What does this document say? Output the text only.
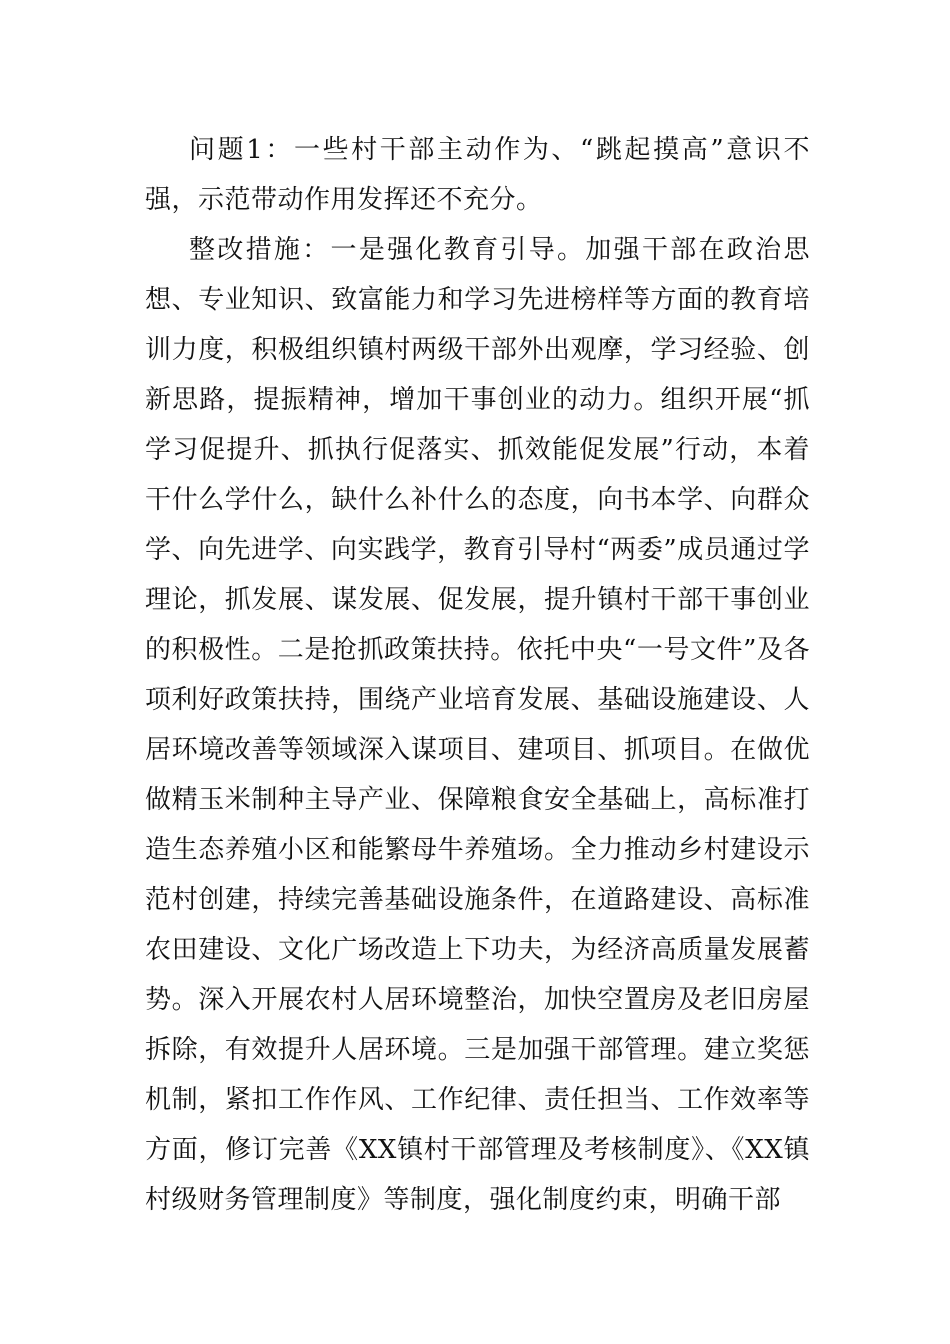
问题1：一些村干部主动作为、“跳起摸高”意识不强，示范带动作用发挥还不充分。

整改措施：一是强化教育引导。加强干部在政治思想、专业知识、致富能力和学习先进榜样等方面的教育培训力度，积极组织镇村两级干部外出观摩，学习经验、创新思路，提振精神，增加干事创业的动力。组织开展“抓学习促提升、抓执行促落实、抓效能促发展”行动，本着干什么学什么，缺什么补什么的态度，向书本学、向群众学、向先进学、向实践学，教育引导村“两委”成员通过学理论，抓发展、谋发展、促发展，提升镇村干部干事创业的积极性。二是抢抓政策扶持。依托中央“一号文件”及各项利好政策扶持，围绕产业培育发展、基础设施建设、人居环境改善等领域深入谋项目、建项目、抓项目。在做优做精玉米制种主导产业、保障粮食安全基础上，高标准打造生态养殖小区和能繁母牛养殖场。全力推动乡村建设示范村创建，持续完善基础设施条件，在道路建设、高标准农田建设、文化广场改造上下功夫，为经济高质量发展蓄势。深入开展农村人居环境整治，加快空置房及老旧房屋拆除，有效提升人居环境。三是加强干部管理。建立奖惩机制，紧扣工作作风、工作纪律、责任担当、工作效率等方面，修订完善《XX镇村干部管理及考核制度》、《XX镇村级财务管理制度》等制度，强化制度约束，明确干部
